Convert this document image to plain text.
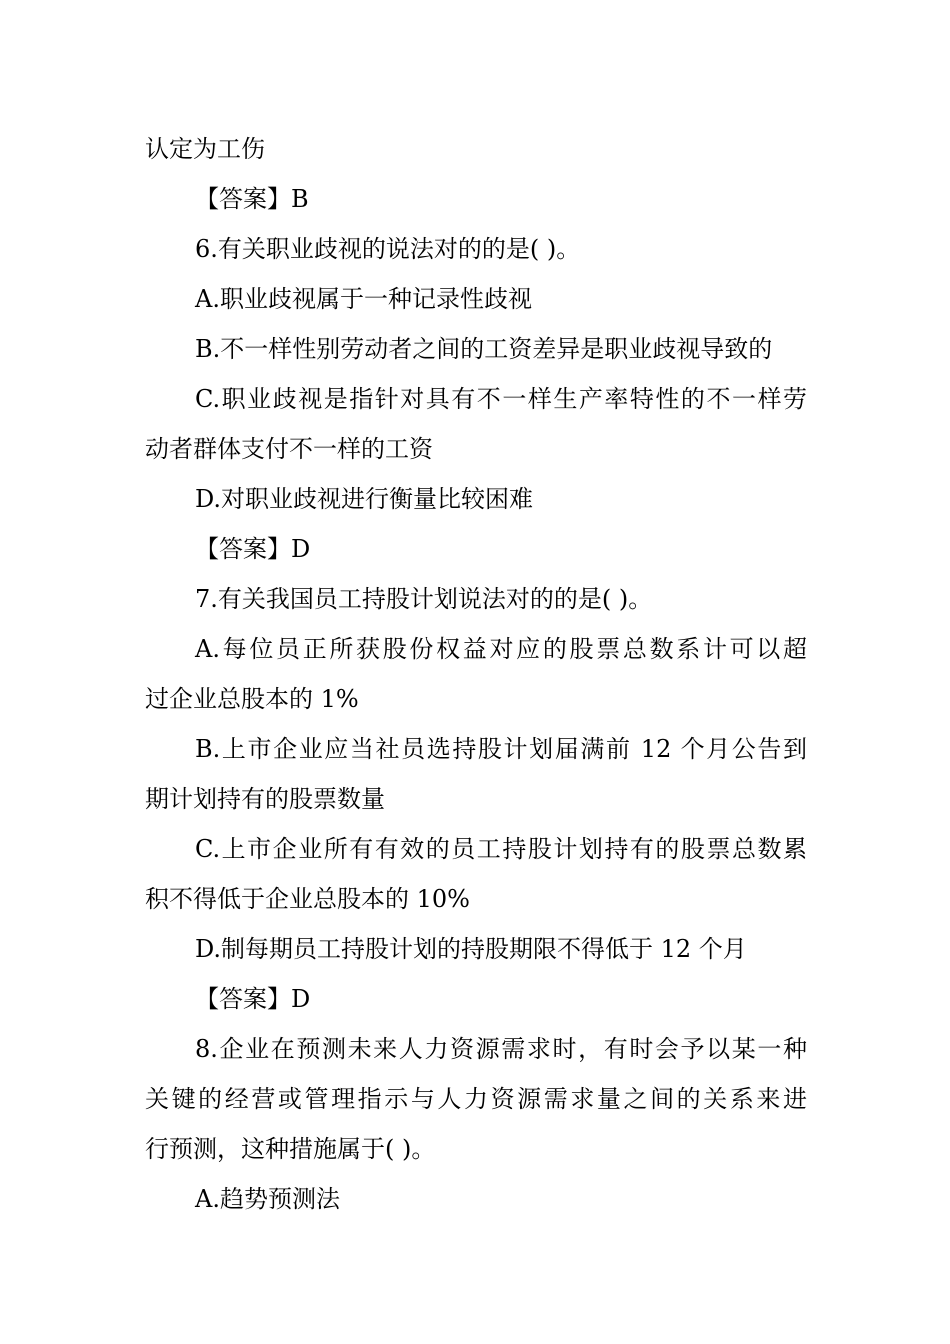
认定为工伤
【答案】B
6.有关职业歧视的说法对的的是( )。
A.职业歧视属于一种记录性歧视
B.不一样性别劳动者之间的工资差异是职业歧视导致的
C.职业歧视是指针对具有不一样生产率特性的不一样劳
动者群体支付不一样的工资
D.对职业歧视进行衡量比较困难
【答案】D
7.有关我国员工持股计划说法对的的是( )。
A.每位员正所获股份权益对应的股票总数系计可以超
过企业总股本的 1%
B.上市企业应当社员选持股计划届满前 12 个月公告到
期计划持有的股票数量
C.上市企业所有有效的员工持股计划持有的股票总数累
积不得低于企业总股本的 10%
D.制每期员工持股计划的持股期限不得低于 12 个月
【答案】D
8.企业在预测未来人力资源需求时，有时会予以某一种
关键的经营或管理指示与人力资源需求量之间的关系来进
行预测，这种措施属于( )。
A.趋势预测法
